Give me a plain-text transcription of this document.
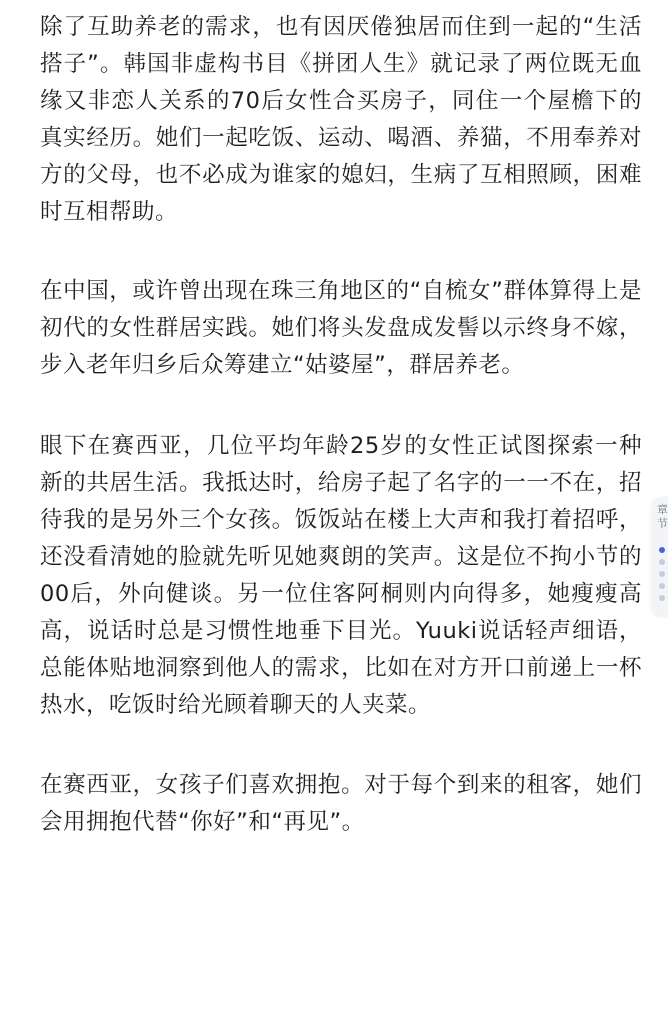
除了互助养老的需求，也有因厌倦独居而住到一起的“生活搭子”。韩国非虚构书目《拼团人生》就记录了两位既无血缘又非恋人关系的70后女性合买房子，同住一个屋檐下的真实经历。她们一起吃饭、运动、喝酒、养猫，不用奉养对方的父母，也不必成为谁家的媳妇，生病了互相照顾，困难时互相帮助。

在中国，或许曾出现在珠三角地区的“自梳女”群体算得上是初代的女性群居实践。她们将头发盘成发髻以示终身不嫁，步入老年归乡后众筹建立“姑婆屋”，群居养老。

眼下在赛西亚，几位平均年龄25岁的女性正试图探索一种新的共居生活。我抵达时，给房子起了名字的一一不在，招待我的是另外三个女孩。饭饭站在楼上大声和我打着招呼，还没看清她的脸就先听见她爽朗的笑声。这是位不拘小节的00后，外向健谈。另一位住客阿桐则内向得多，她瘦瘦高高，说话时总是习惯性地垂下目光。Yuuki说话轻声细语，总能体贴地洞察到他人的需求，比如在对方开口前递上一杯热水，吃饭时给光顾着聊天的人夹菜。

在赛西亚，女孩子们喜欢拥抱。对于每个到来的租客，她们会用拥抱代替“你好”和“再见”。

章节
